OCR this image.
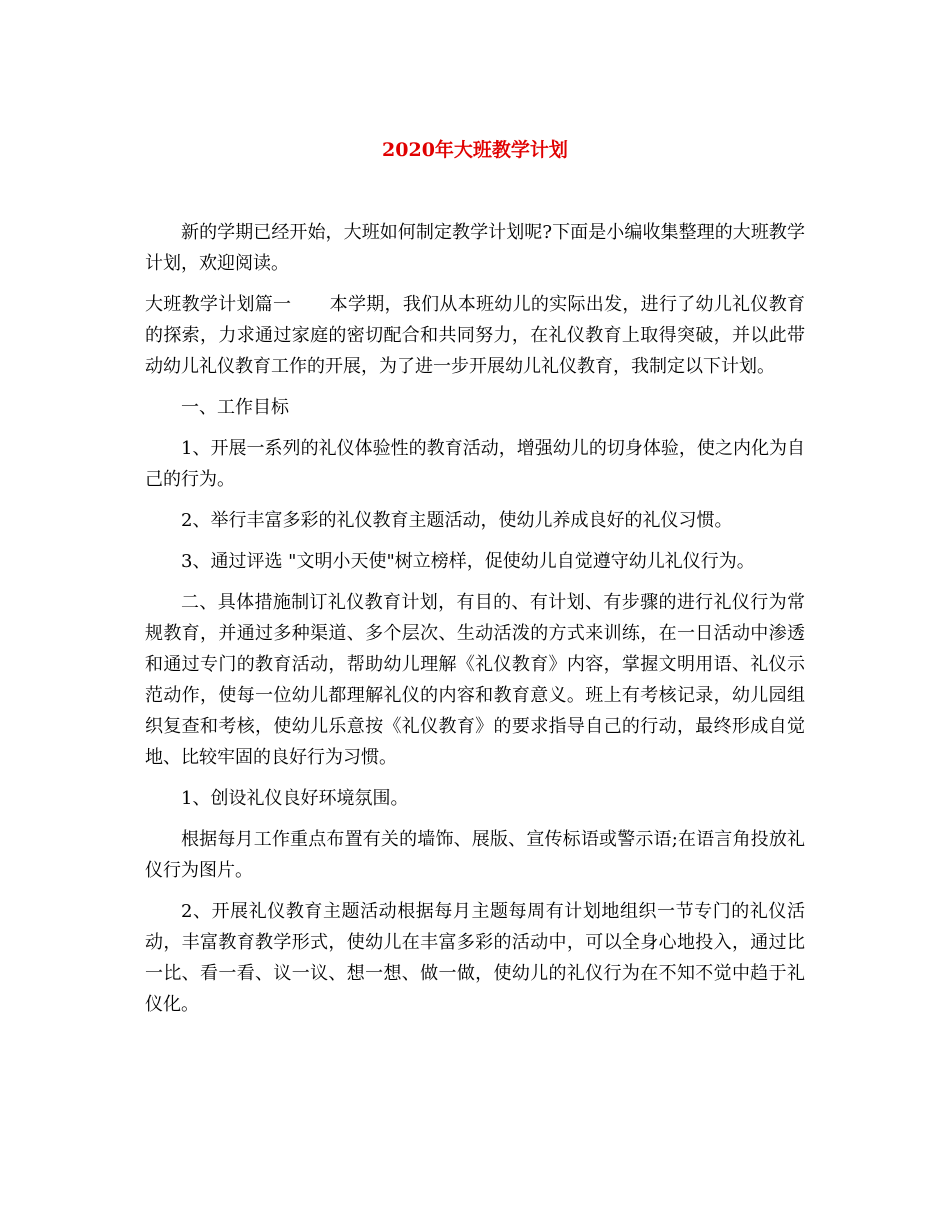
2020年大班教学计划

新的学期已经开始，大班如何制定教学计划呢?下面是小编收集整理的大班教学计划，欢迎阅读。

大班教学计划篇一 本学期，我们从本班幼儿的实际出发，进行了幼儿礼仪教育的探索，力求通过家庭的密切配合和共同努力，在礼仪教育上取得突破，并以此带动幼儿礼仪教育工作的开展，为了进一步开展幼儿礼仪教育，我制定以下计划。

一、工作目标

1、开展一系列的礼仪体验性的教育活动，增强幼儿的切身体验，使之内化为自己的行为。

2、举行丰富多彩的礼仪教育主题活动，使幼儿养成良好的礼仪习惯。

3、通过评选 "文明小天使"树立榜样，促使幼儿自觉遵守幼儿礼仪行为。

二、具体措施制订礼仪教育计划，有目的、有计划、有步骤的进行礼仪行为常规教育，并通过多种渠道、多个层次、生动活泼的方式来训练，在一日活动中渗透和通过专门的教育活动，帮助幼儿理解《礼仪教育》内容，掌握文明用语、礼仪示范动作，使每一位幼儿都理解礼仪的内容和教育意义。班上有考核记录，幼儿园组织复查和考核，使幼儿乐意按《礼仪教育》的要求指导自己的行动，最终形成自觉地、比较牢固的良好行为习惯。

1、创设礼仪良好环境氛围。

根据每月工作重点布置有关的墙饰、展版、宣传标语或警示语;在语言角投放礼仪行为图片。

2、开展礼仪教育主题活动根据每月主题每周有计划地组织一节专门的礼仪活动，丰富教育教学形式，使幼儿在丰富多彩的活动中，可以全身心地投入，通过比一比、看一看、议一议、想一想、做一做，使幼儿的礼仪行为在不知不觉中趋于礼仪化。
